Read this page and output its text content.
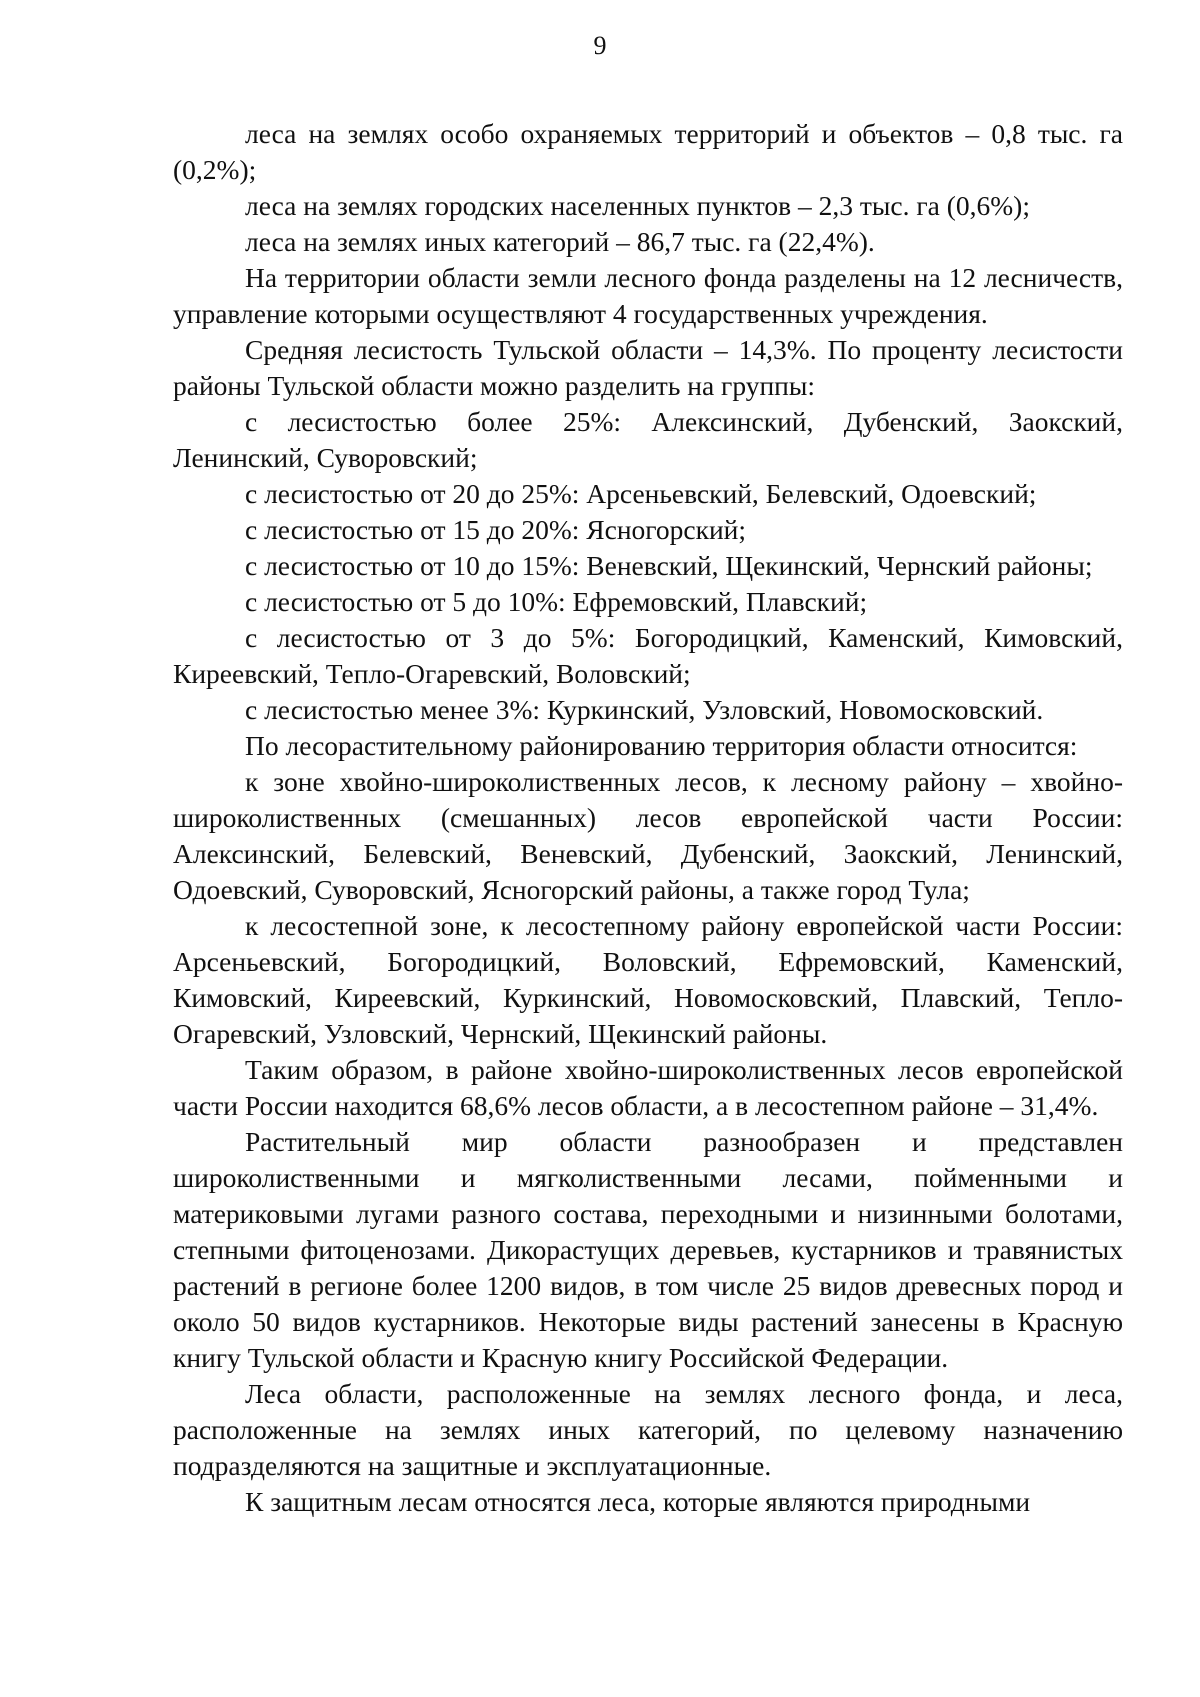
9

леса на землях особо охраняемых территорий и объектов – 0,8 тыс. га (0,2%);

леса на землях городских населенных пунктов – 2,3 тыс. га (0,6%);

леса на землях иных категорий – 86,7 тыс. га (22,4%).

На территории области земли лесного фонда разделены на 12 лесничеств, управление которыми осуществляют 4 государственных учреждения.

Средняя лесистость Тульской области – 14,3%. По проценту лесистости районы Тульской области можно разделить на группы:

с лесистостью более 25%: Алексинский, Дубенский, Заокский, Ленинский, Суворовский;

с лесистостью от 20 до 25%: Арсеньевский, Белевский, Одоевский;

с лесистостью от 15 до 20%: Ясногорский;

с лесистостью от 10 до 15%: Веневский, Щекинский, Чернский районы;

с лесистостью от 5 до 10%: Ефремовский, Плавский;

с лесистостью от 3 до 5%: Богородицкий, Каменский, Кимовский, Киреевский, Тепло-Огаревский, Воловский;

с лесистостью менее 3%: Куркинский, Узловский, Новомосковский.

По лесорастительному районированию территория области относится:

к зоне хвойно-широколиственных лесов, к лесному району – хвойно-широколиственных (смешанных) лесов европейской части России: Алексинский, Белевский, Веневский, Дубенский, Заокский, Ленинский, Одоевский, Суворовский, Ясногорский районы, а также город Тула;

к лесостепной зоне, к лесостепному району европейской части России: Арсеньевский, Богородицкий, Воловский, Ефремовский, Каменский, Кимовский, Киреевский, Куркинский, Новомосковский, Плавский, Тепло-Огаревский, Узловский, Чернский, Щекинский районы.

Таким образом, в районе хвойно-широколиственных лесов европейской части России находится 68,6% лесов области, а в лесостепном районе – 31,4%.

Растительный мир области разнообразен и представлен широколиственными и мягколиственными лесами, пойменными и материковыми лугами разного состава, переходными и низинными болотами, степными фитоценозами. Дикорастущих деревьев, кустарников и травянистых растений в регионе более 1200 видов, в том числе 25 видов древесных пород и около 50 видов кустарников. Некоторые виды растений занесены в Красную книгу Тульской области и Красную книгу Российской Федерации.

Леса области, расположенные на землях лесного фонда, и леса, расположенные на землях иных категорий, по целевому назначению подразделяются на защитные и эксплуатационные.

К защитным лесам относятся леса, которые являются природными
